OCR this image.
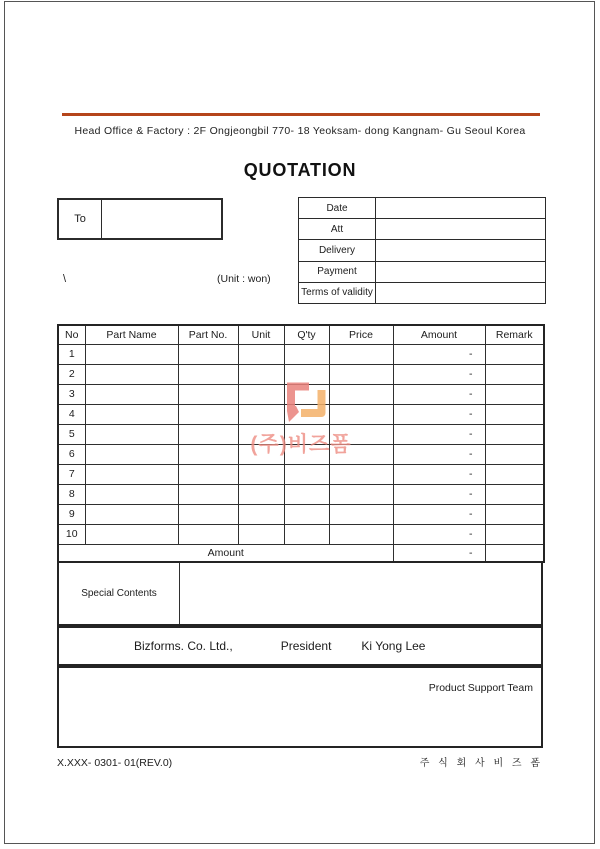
Head Office & Factory : 2F Ongjeongbil 770- 18 Yeoksam- dong Kangnam- Gu Seoul Korea
QUOTATION
To
Date	
Att	
Delivery	
Payment	
Terms of validity	
\	(Unit : won)
No	Part Name	Part No.	Unit	Q'ty	Price	Amount	Remark
1						-	
2						-	
3						-	
4						-	
5						-	
6						-	
7						-	
8						-	
9						-	
10						-	
Amount						-	
Special Contents
Bizforms. Co. Ltd.,	President	Ki Yong Lee
Product Support Team
X.XXX- 0301- 01(REV.0)	주 식 회 사 비 즈 폼
(주)비즈폼
